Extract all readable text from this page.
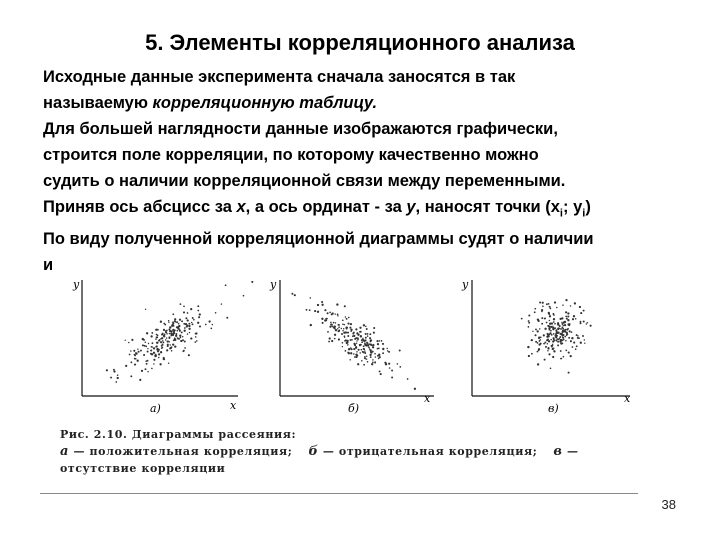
5. Элементы корреляционного анализа
Исходные данные эксперимента сначала заносятся в так
называемую корреляционную таблицу.
Для большей наглядности данные изображаются графически,
строится поле корреляции, по которому качественно можно
судить о наличии корреляционной связи между переменными.
Приняв ось абсцисс за x, а ось ординат - за y, наносят точки ($x_i$; $y_i$)
По виду полученной корреляционной диаграммы судят о наличии
и
y
x
a)
y
x
б)
y
x
в)
Рис. 2.10. Диаграммы рассеяния:
а — положительная корреляция; б — отрицательная корреляция; в —
отсутствие корреляции
38
